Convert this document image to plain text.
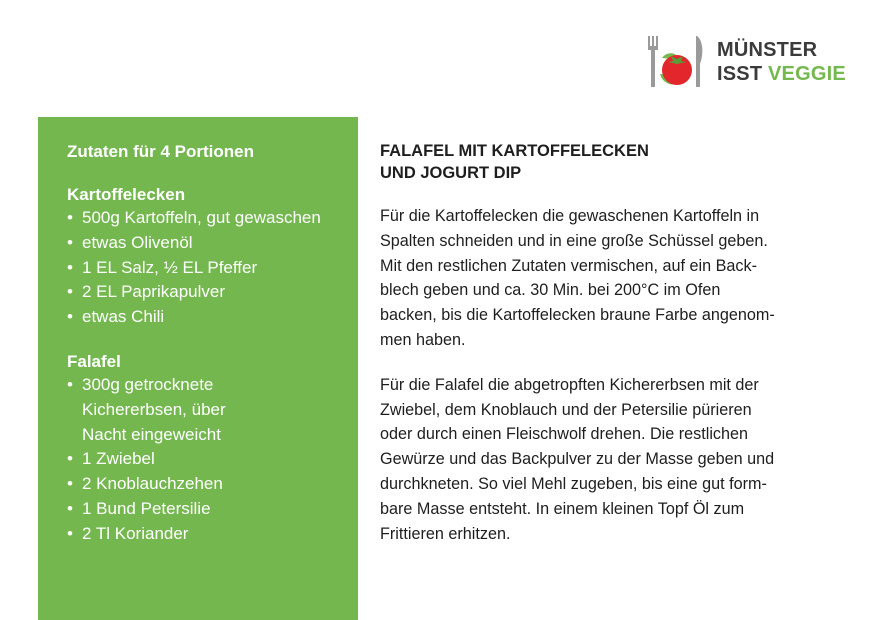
MÜNSTER
ISST VEGGIE
Zutaten für 4 Portionen
Kartoffelecken
• 500g Kartoffeln, gut gewaschen
• etwas Olivenöl
• 1 EL Salz, ½ EL Pfeffer
• 2 EL Paprikapulver
• etwas Chili
Falafel
• 300g getrocknete
Kichererbsen, über
Nacht eingeweicht
• 1 Zwiebel
• 2 Knoblauchzehen
• 1 Bund Petersilie
• 2 Tl Koriander
FALAFEL MIT KARTOFFELECKEN
UND JOGURT DIP
Für die Kartoffelecken die gewaschenen Kartoffeln in
Spalten schneiden und in eine große Schüssel geben.
Mit den restlichen Zutaten vermischen, auf ein Back-
blech geben und ca. 30 Min. bei 200°C im Ofen
backen, bis die Kartoffelecken braune Farbe angenom-
men haben.
Für die Falafel die abgetropften Kichererbsen mit der
Zwiebel, dem Knoblauch und der Petersilie pürieren
oder durch einen Fleischwolf drehen. Die restlichen
Gewürze und das Backpulver zu der Masse geben und
durchkneten. So viel Mehl zugeben, bis eine gut form-
bare Masse entsteht. In einem kleinen Topf Öl zum
Frittieren erhitzen.
